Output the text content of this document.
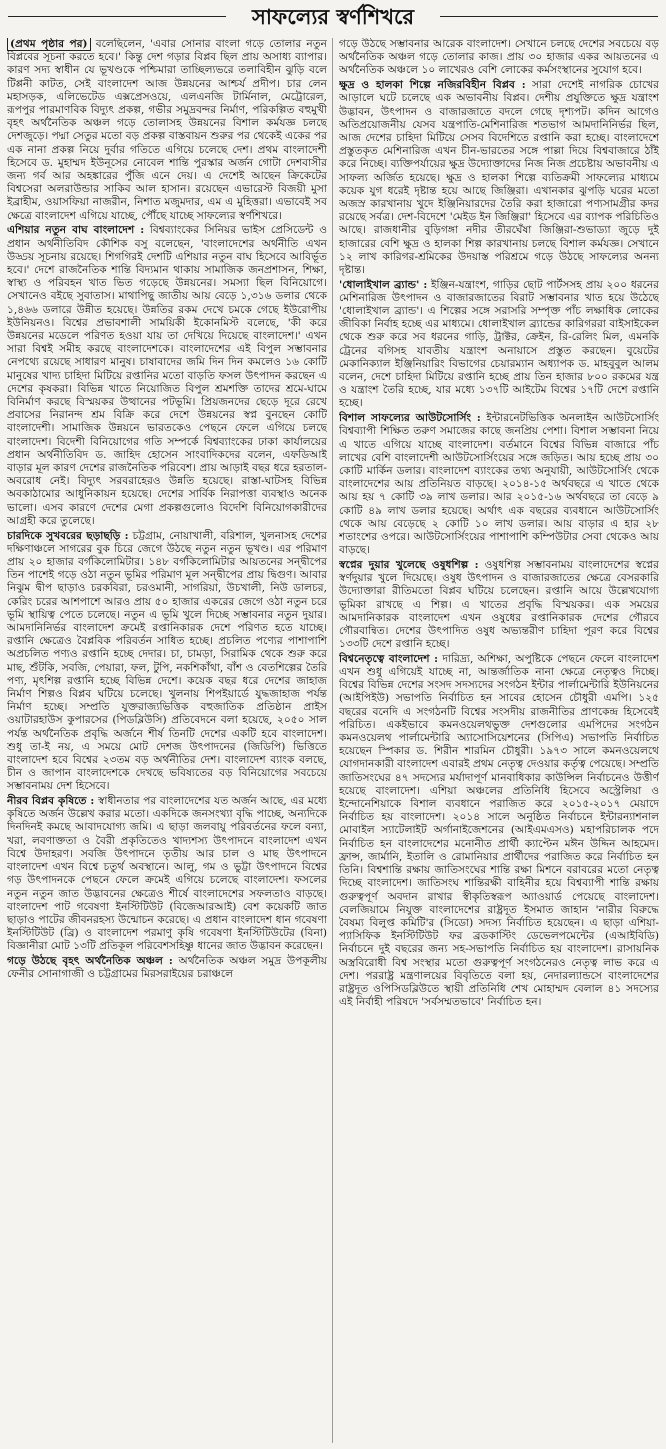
সাফল্যের স্বর্ণশিখরে

(প্রথম পৃষ্ঠার পর) বলেছিলেন, 'এবার সোনার বাংলা গড়ে তোলার নতুন বিপ্লবের সূচনা করতে হবে।' কিন্তু দেশ গড়ার বিপ্লব ছিল প্রায় অসাধ্য ব্যাপার। কারণ সদ্য স্বাধীন যে ভূখণ্ডকে পশ্চিমারা তাচ্ছিল্যভরে তলাবিহীন ঝুড়ি বলে টিপ্পনী কাটত, সেই বাংলাদেশ আজ উন্নয়নের আশ্চর্য প্রদীপ। চার লেন মহাসড়ক, এলিভেটেড এক্সপ্রেসওয়ে, এলএনজি টার্মিনাল, মেট্রোরেল, রূপপুর পারমাণবিক বিদ্যুৎ প্রকল্প, গভীর সমুদ্রবন্দর নির্মাণ, পরিকল্পিত বহুমুখী বৃহৎ অর্থনৈতিক অঞ্চল গড়ে তোলাসহ উন্নয়নের বিশাল কর্মযজ্ঞ চলছে দেশজুড়ে। পদ্মা সেতুর মতো বড় প্রকল্প বাস্তবায়ন শুরুর পর থেকেই একের পর এক নানা প্রকল্প নিয়ে দুর্বার গতিতে এগিয়ে চলেছে দেশ। প্রথম বাংলাদেশী হিসেবে ড. মুহাম্মদ ইউনূসের নোবেল শান্তি পুরস্কার অর্জন গোটা দেশবাসীর জন্য গর্ব আর অহঙ্কারের পুঁজি এনে দেয়। এ দেশেই আছেন ক্রিকেটের বিশ্বসেরা অলরাউন্ডার সাকিব আল হাসান। রয়েছেন এভারেস্ট বিজয়ী মুসা ইব্রাহীম, ওয়াসফিয়া নাজরীন, নিশাত মজুমদার, এম এ মুহিত্তরা। এভাবেই সব ক্ষেত্রে বাংলাদেশ এগিয়ে যাচ্ছে, পৌঁছে যাচ্ছে সাফল্যের স্বর্ণশিখরে।

এশিয়ার নতুন বাঘ বাংলাদেশ : বিশ্বব্যাংকের সিনিয়র ভাইস প্রেসিডেন্ট ও প্রধান অর্থনীতিবিদ কৌশিক বসু বলেছেন, 'বাংলাদেশের অর্থনীতি এখন উড্ডয় সূচনায় রয়েছে। শিগগিরই দেশটি এশিয়ার নতুন বাঘ হিসেবে আবির্ভূত হবে।' দেশে রাজনৈতিক শান্তি বিদ্যমান থাকায় সামাজিক জনপ্রশাসন, শিক্ষা, স্বাস্থ্য ও পরিবহন খাত ভিত গড়েছে উন্নয়নের। সমস্যা ছিল বিনিয়োগে। সেখানেও বইছে সুবাতাস। মাথাপিছু জাতীয় আয় বেড়ে ১,৩১৬ ডলার থেকে ১,৪৬৬ ডলারে উন্নীত হয়েছে। উন্নতির রকম দেখে চমকে গেছে ইউরোপীয় ইউনিয়নও। বিশ্বের প্রভাবশালী সাময়িকী ইকোনমিস্ট বলেছে, 'কী করে উন্নয়নের মডেলে পরিণত হওয়া যায় তা দেখিয়ে দিয়েছে বাংলাদেশ।' এখন সারা বিশ্বই সমীহ করছে বাংলাদেশকে। বাংলাদেশের এই বিপুল সম্ভাবনার নেপথ্যে রয়েছে সাধারণ মানুষ। চাষাবাদের জমি দিন দিন কমলেও ১৬ কোটি মানুষের খাদ্য চাহিদা মিটিয়ে রপ্তানির মতো বাড়তি ফসল উৎপাদন করছেন এ দেশের কৃষকরা। বিভিন্ন খাতে নিয়োজিত বিপুল শ্রমশক্তি তাদের শ্রমে-ঘামে বিনির্মাণ করছে বিস্ময়কর উত্থানের পটভূমি। প্রিয়জনদের ছেড়ে দূরে রেখে প্রবাসের নিরানন্দ শ্রম বিক্রি করে দেশে উন্নয়নের স্বপ্ন বুনছেন কোটি বাংলাদেশী। সামাজিক উন্নয়নে ভারতকেও পেছনে ফেলে এগিয়ে চলছে বাংলাদেশ। বিদেশী বিনিয়োগের গতি সম্পর্কে বিশ্বব্যাংকের ঢাকা কার্যালয়ের প্রধান অর্থনীতিবিদ ড. জাহিদ হোসেন সাংবাদিকদের বলেন, এফডিআই বাড়ার মূল কারণ দেশের রাজনৈতিক পরিবেশ। প্রায় আড়াই বছর ধরে হরতাল-অবরোধ নেই। বিদ্যুৎ সরবরাহেরও উন্নতি হয়েছে। রাস্তা-ঘাটসহ বিভিন্ন অবকাঠামোর আধুনিকায়ন হয়েছে। দেশের সার্বিক নিরাপত্তা ব্যবস্থাও অনেক ভালো। এসব কারণে দেশের মেগা প্রকল্পগুলোও বিদেশি বিনিয়োগকারীদের আগ্রহী করে তুলেছে।

চারদিকে সুখবরের ছড়াছড়ি : চট্টগ্রাম, নোয়াখালী, বরিশাল, খুলনাসহ দেশের দক্ষিণাঞ্চলে সাগরের বুক চিরে জেগে উঠছে নতুন নতুন ভূখণ্ড। এর পরিমাণ প্রায় ২০ হাজার বর্গকিলোমিটার। ১৪৮ বর্গকিলোমিটার আয়তনের সন্দ্বীপের তিন পাশেই গড়ে ওঠা নতুন ভূমির পরিমাণ মূল সন্দ্বীপের প্রায় দ্বিগুণ। আবার নিঝুম দ্বীপ ছাড়াও চরকবিরা, চরওমানী, সাগরিয়া, উচখালী, নিউ ডালচর, কেরিং চরের আশপাশে আরও প্রায় ৫০ হাজার একরের জেগে ওঠা নতুন চরে ভূমি স্থায়িত্ব পেতে চলেছে। নতুন এ ভূমি খুলে দিচ্ছে সম্ভাবনার নতুন দুয়ার। আমদানিনির্ভর বাংলাদেশ ক্রমেই রপ্তানিকারক দেশে পরিণত হতে যাচ্ছে। রপ্তানি ক্ষেত্রেও বৈপ্লবিক পরিবর্তন সাধিত হচ্ছে। প্রচলিত পণ্যের পাশাপাশি অপ্রচলিত পণ্যও রপ্তানি হচ্ছে দেদার। চা, চামড়া, সিরামিক থেকে শুরু করে মাছ, শুঁটকি, সবজি, পেয়ারা, ফল, টুপি, নকশিকাঁথা, বাঁশ ও বেতশিল্পের তৈরি পণ্য, মৃৎশিল্প রপ্তানি হচ্ছে বিভিন্ন দেশে। কয়েক বছর ধরে দেশের জাহাজ নির্মাণ শিল্পও বিপ্লব ঘটিয়ে চলেছে। খুলনায় শিপইয়ার্ডে যুদ্ধজাহাজ পর্যন্ত নির্মাণ হচ্ছে। সম্প্রতি যুক্তরাজ্যভিত্তিক বহুজাতিক প্রতিষ্ঠান প্রাইস ওয়াটারহাউস কুপারসের (পিডব্লিউসি) প্রতিবেদনে বলা হয়েছে, ২০৫০ সাল পর্যন্ত অর্থনৈতিক প্রবৃদ্ধি অর্জনে শীর্ষ তিনটি দেশের একটি হবে বাংলাদেশ। শুধু তা-ই নয়, এ সময়ে মোট দেশজ উৎপাদনের (জিডিপি) ভিত্তিতে বাংলাদেশ হবে বিশ্বের ২৩তম বড় অর্থনীতির দেশ। বাংলাদেশ ব্যাংক বলছে, চীন ও জাপান বাংলাদেশকে দেখছে ভবিষ্যতের বড় বিনিয়োগের সবচেয়ে সম্ভাবনাময় দেশ হিসেবে।

নীরব বিপ্লব কৃষিতে : স্বাধীনতার পর বাংলাদেশের যত অর্জন আছে, এর মধ্যে কৃষিতে অর্জন উল্লেখ করার মতো। একদিকে জনসংখ্যা বৃদ্ধি পাচ্ছে, অন্যদিকে দিনদিনই কমছে আবাদযোগ্য জমি। এ ছাড়া জলবায়ু পরিবর্তনের ফলে বন্যা, খরা, লবণাক্ততা ও বৈরী প্রকৃতিতেও খাদ্যশস্য উৎপাদনে বাংলাদেশ এখন বিশ্বে উদাহরণ। সবজি উৎপাদনে তৃতীয় আর চাল ও মাছ উৎপাদনে বাংলাদেশ এখন বিশ্বে চতুর্থ অবস্থানে। আলু, গম ও ভুট্টা উৎপাদনে বিশ্বের গড় উৎপাদনকে পেছনে ফেলে ক্রমেই এগিয়ে চলেছে বাংলাদেশ। ফসলের নতুন নতুন জাত উদ্ভাবনের ক্ষেত্রেও শীর্ষে বাংলাদেশের সফলতাও বাড়ছে। বাংলাদেশ পাট গবেষণা ইনস্টিটিউট (বিজেআরআই) বেশ কয়েকটি জাত ছাড়াও পাটের জীবনরহস্য উন্মোচন করেছে। এ প্রধান বাংলাদেশ ধান গবেষণা ইনস্টিটিউট (ব্রি) ও বাংলাদেশ পরমাণু কৃষি গবেষণা ইনস্টিটিউটের (বিনা) বিজ্ঞানীরা মোট ১৩টি প্রতিকূল পরিবেশসহিষ্ণু ধানের জাত উদ্ভাবন করেছেন।

গড়ে উঠছে বৃহৎ অর্থনৈতিক অঞ্চল : অর্থনৈতিক অঞ্চল সমুদ্র উপকূলীয় ফেনীর সোনাগাজী ও চট্টগ্রামের মিরসরাইয়ের চরাঞ্চলে

গড়ে উঠছে সম্ভাবনার আরেক বাংলাদেশ। সেখানে চলছে দেশের সবচেয়ে বড় অর্থনৈতিক অঞ্চল গড়ে তোলার কাজ। প্রায় ৩০ হাজার একর আয়তনের এ অর্থনৈতিক অঞ্চলে ১০ লাখেরও বেশি লোকের কর্মসংস্থানের সুযোগ হবে।

ক্ষুদ্র ও হালকা শিল্পে নজিরবিহীন বিপ্লব : সারা দেশেই নাগরিক চোখের আড়ালে ঘটে চলেছে এক অভাবনীয় বিপ্লব। দেশীয় প্রযুক্তিতে ক্ষুদ্র যন্ত্রাংশ উদ্ভাবন, উৎপাদন ও বাজারজাতে বদলে গেছে দৃশ্যপট। কদিন আগেও অতিপ্রয়োজনীয় যেসব যন্ত্রপাতি-মেশিনারিজ শতভাগ আমদানিনির্ভর ছিল, আজ দেশের চাহিদা মিটিয়ে সেসব বিদেশিতে রপ্তানি করা হচ্ছে। বাংলাদেশে প্রস্তুতকৃত মেশিনারিজ এখন চীন-ভারতের সঙ্গে পাল্লা দিয়ে বিশ্ববাজারে ঠাঁই করে নিচ্ছে। ব্যক্তিপর্যায়ের ক্ষুদ্র উদ্যোক্তাদের নিজ নিজ প্রচেষ্টায় অভাবনীয় এ সাফল্য অর্জিত হয়েছে। ক্ষুদ্র ও হালকা শিল্পে ব্যতিক্রমী সাফল্যের মাধ্যমে কয়েক যুগ ধরেই দৃষ্টান্ত হয়ে আছে জিঞ্জিরা। এখানকার ঝুপড়ি ঘরের মতো অজস্র কারখানায় খুদে ইঞ্জিনিয়ারদের তৈরি করা হাজারো পণ্যসামগ্রীর কদর রয়েছে সর্বত্র। দেশ-বিদেশে 'মেইড ইন জিঞ্জিরা' হিসেবে এর ব্যাপক পরিচিতিও আছে। রাজধানীর বুড়িগঙ্গা নদীর তীরঘেঁষা জিঞ্জিরা-শুভাড্যা জুড়ে দুই হাজারের বেশি ক্ষুদ্র ও হালকা শিল্প কারখানায় চলছে বিশাল কর্মযজ্ঞ। সেখানে ১২ লাখ কারিগর-শ্রমিকের উদয়াস্ত পরিশ্রমে গড়ে উঠছে সাফল্যের অনন্য দৃষ্টান্ত।

'ধোলাইখাল ব্র্যান্ড' : ইঞ্জিন-যন্ত্রাংশ, গাড়ির ছোট পার্টসসহ প্রায় ২০০ ধরনের মেশিনারিজ উৎপাদন ও বাজারজাতের বিরাট সম্ভাবনার খাত হয়ে উঠেছে 'ধোলাইখাল ব্র্যান্ড'। এ শিল্পের সঙ্গে সরাসরি সম্পৃক্ত পাঁচ লক্ষাধিক লোকের জীবিকা নির্বাহ হচ্ছে এর মাধ্যমে। ধোলাইখাল ব্র্যান্ডের কারিগররা বাইসাইকেল থেকে শুরু করে সব ধরনের গাড়ি, ট্রাক্টর, ক্রেইন, রি-রেলিং মিল, এমনকি ট্রেনের বগিসহ যাবতীয় যন্ত্রাংশ অনায়াসে প্রস্তুত করছেন। বুয়েটের মেকানিক্যাল ইঞ্জিনিয়ারিং বিভাগের চেয়ারম্যান অধ্যাপক ড. মাহবুবুল আলম বলেন, দেশে চাহিদা মিটিয়ে রপ্তানি হচ্ছে প্রায় তিন হাজার ৮০০ রকমের যন্ত্র ও যন্ত্রাংশ তৈরি হচ্ছে, যার মধ্যে ১৩৭টি আইটেম বিশ্বের ১৭টি দেশে রপ্তানি হচ্ছে।

বিশাল সাফল্যের আউটসোর্সিং : ইন্টারনেটভিত্তিক অনলাইন আউটসোর্সিং বিশ্বব্যাপী শিক্ষিত তরুণ সমাজের কাছে জনপ্রিয় পেশা। বিশাল সম্ভাবনা নিয়ে এ খাতে এগিয়ে যাচ্ছে বাংলাদেশ। বর্তমানে বিশ্বের বিভিন্ন বাজারে পাঁচ লাখের বেশি বাংলাদেশী আউটসোর্সিংয়ের সঙ্গে জড়িত। আয় হচ্ছে প্রায় ৩০ কোটি মার্কিন ডলার। বাংলাদেশ ব্যাংকের তথ্য অনুযায়ী, আউটসোর্সিং থেকে বাংলাদেশের আয় প্রতিনিয়ত বাড়ছে। ২০১৪-১৫ অর্থবছরে এ খাতে থেকে আয় হয় ৭ কোটি ৩৯ লাখ ডলার। আর ২০১৫-১৬ অর্থবছরে তা বেড়ে ৯ কোটি ৪৯ লাখ ডলার হয়েছে। অর্থাৎ এক বছরের ব্যবধানে আউটসোর্সিং থেকে আয় বেড়েছে ২ কোটি ১০ লাখ ডলার। আয় বাড়ার এ হার ২৮ শতাংশের ওপরে। আউটসোর্সিংয়ের পাশাপাশি কম্পিউটার সেবা থেকেও আয় বাড়ছে।

স্বপ্নের দুয়ার খুলেছে ওষুধশিল্প : ওষুধশিল্প সম্ভাবনাময় বাংলাদেশের স্বপ্নের স্বর্ণদুয়ার খুলে দিয়েছে। ওষুধ উৎপাদন ও বাজারজাতের ক্ষেত্রে বেসরকারি উদ্যোক্তারা রীতিমতো বিপ্লব ঘটিয়ে চলেছেন। রপ্তানি আয়ে উল্লেখযোগ্য ভূমিকা রাখছে এ শিল্প। এ খাতের প্রবৃদ্ধি বিস্ময়কর। এক সময়ের আমদানিকারক বাংলাদেশ এখন ওষুধের রপ্তানিকারক দেশের গৌরবে গৌরবান্বিত। দেশের উৎপাদিত ওষুধ অভ্যন্তরীণ চাহিদা পূরণ করে বিশ্বের ১৩৩টি দেশে রপ্তানি হচ্ছে।

বিশ্বনেতৃত্বে বাংলাদেশ : দারিদ্র্য, অশিক্ষা, অপুষ্টিকে পেছনে ফেলে বাংলাদেশ এখন শুধু এগিয়েই যাচ্ছে না, আন্তর্জাতিক নানা ক্ষেত্রে নেতৃত্বও দিচ্ছে। বিশ্বের বিভিন্ন দেশের সংসদ সদস্যদের সংগঠন ইন্টার পার্লামেন্টারি ইউনিয়নের (আইপিইউ) সভাপতি নির্বাচিত হন সাবের হোসেন চৌধুরী এমপি। ১২৫ বছরের বনেদি এ সংগঠনটি বিশ্বের সংসদীয় রাজনীতির প্রাণকেন্দ্র হিসেবেই পরিচিত। একইভাবে কমনওয়েলথভুক্ত দেশগুলোর এমপিদের সংগঠন কমনওয়েলথ পার্লামেন্টারি অ্যাসোসিয়েশনের (সিপিএ) সভাপতি নির্বাচিত হয়েছেন স্পিকার ড. শিরীন শারমিন চৌধুরী। ১৯৭৩ সালে কমনওয়েলথে যোগদানকারী বাংলাদেশ এবারই প্রথম নেতৃত্ব দেওয়ার কর্তৃত্ব পেয়েছে। সম্প্রতি জাতিসংঘের ৪৭ সদস্যের মর্যাদাপূর্ণ মানবাধিকার কাউন্সিল নির্বাচনেও উত্তীর্ণ হয়েছে বাংলাদেশ। এশিয়া অঞ্চলের প্রতিনিধি হিসেবে অস্ট্রেলিয়া ও ইন্দোনেশিয়াকে বিশাল ব্যবধানে পরাজিত করে ২০১৫-২০১৭ মেয়াদে নির্বাচিত হয় বাংলাদেশ। ২০১৪ সালে অনুষ্ঠিত নির্বাচনে ইন্টারন্যাশনাল মোবাইল স্যাটেলাইট অর্গানাইজেশনের (আইএমএসও) মহাপরিচালক পদে নির্বাচিত হন বাংলাদেশের মনোনীত প্রার্থী ক্যাপ্টেন মঈন উদ্দিন আহমেদ। ফ্রান্স, জার্মানি, ইতালি ও রোমানিয়ার প্রার্থীদের পরাজিত করে নির্বাচিত হন তিনি। বিশ্বশান্তি রক্ষায় জাতিসংঘের শান্তি রক্ষা মিশনে বরাবরের মতো নেতৃত্ব দিচ্ছে বাংলাদেশ। জাতিসংঘ শান্তিরক্ষী বাহিনীর হয়ে বিশ্বব্যাপী শান্তি রক্ষায় গুরুত্বপূর্ণ অবদান রাখার স্বীকৃতিস্বরূপ অ্যাওয়ার্ড পেয়েছে বাংলাদেশ। বেলজিয়ামে নিযুক্ত বাংলাদেশের রাষ্ট্রদূত ইসমাত জাহান 'নারীর বিরুদ্ধে বৈষম্য বিলুপ্ত কমিটি'র (সিডো) সদস্য নির্বাচিত হয়েছেন। এ ছাড়া এশিয়া-প্যাসিফিক ইনস্টিটিউট ফর ব্রডকাস্টিং ডেভেলপমেন্টের (এআইবিডি) নির্বাচনে দুই বছরের জন্য সহ-সভাপতি নির্বাচিত হয় বাংলাদেশ। রাসায়নিক অস্ত্রবিরোধী বিশ্ব সংস্থার মতো গুরুত্বপূর্ণ সংগঠনেরও নেতৃত্ব লাভ করে এ দেশ। পররাষ্ট্র মন্ত্রণালয়ের বিবৃতিতে বলা হয়, নেদারল্যান্ডসে বাংলাদেশের রাষ্ট্রদূত ওপিসিডব্লিউতে স্থায়ী প্রতিনিধি শেখ মোহাম্মদ বেলাল ৪১ সদস্যের এই নির্বাহী পরিষদে 'সর্বসম্মতভাবে' নির্বাচিত হন।
